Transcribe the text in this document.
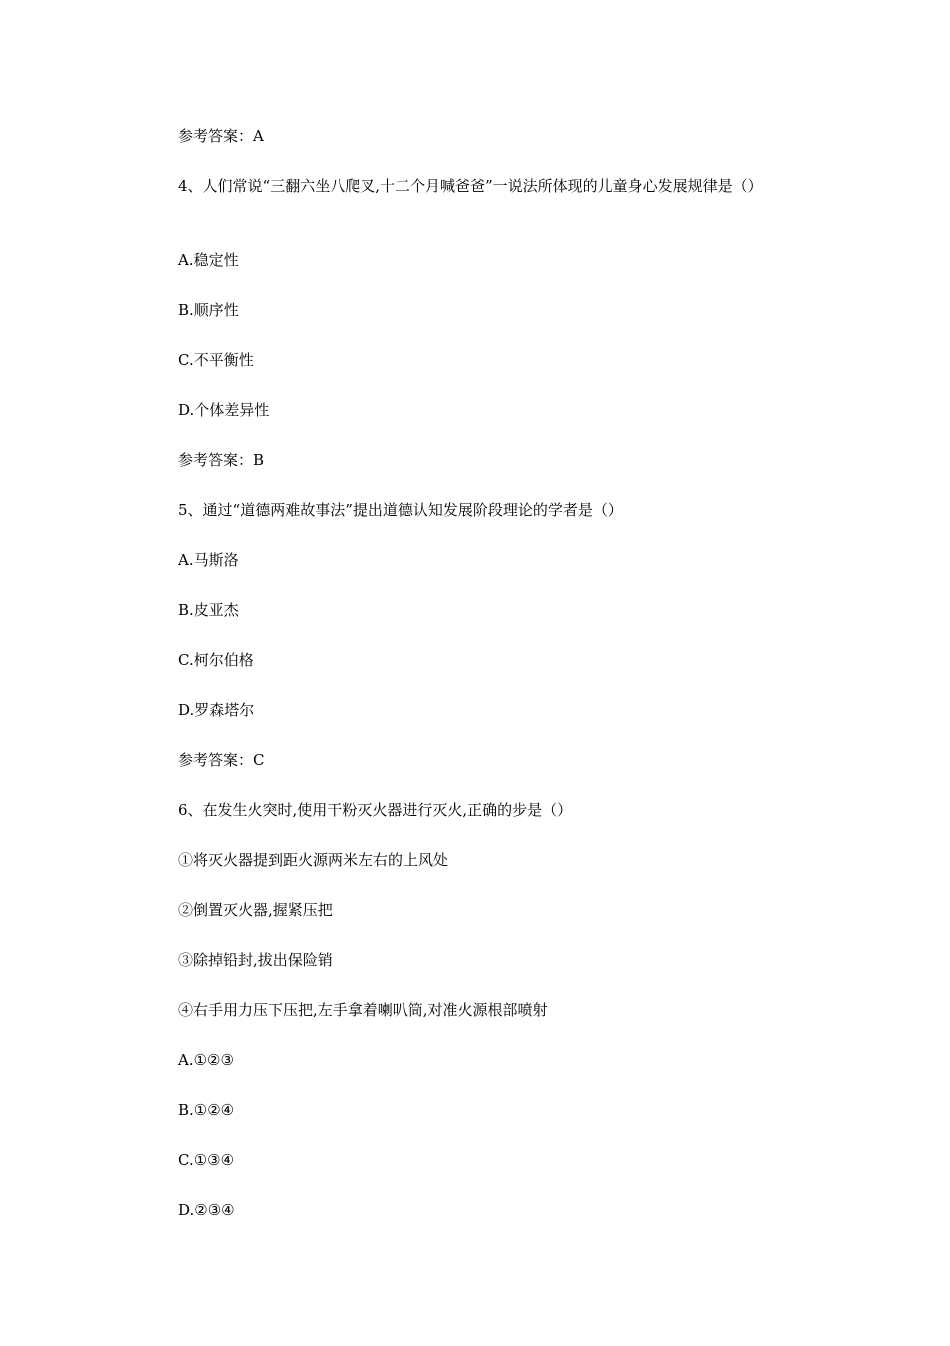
参考答案：A
4、人们常说“三翻六坐八爬叉,十二个月喊爸爸”一说法所体现的儿童身心发展规律是（）
A.稳定性
B.顺序性
C.不平衡性
D.个体差异性
参考答案：B
5、通过“道德两难故事法”提出道德认知发展阶段理论的学者是（）
A.马斯洛
B.皮亚杰
C.柯尔伯格
D.罗森塔尔
参考答案：C
6、在发生火突时,使用干粉灭火器进行灭火,正确的步是（）
①将灭火器提到距火源两米左右的上风处
②倒置灭火器,握紧压把
③除掉铅封,拔出保险销
④右手用力压下压把,左手拿着喇叭筒,对准火源根部喷射
A.①②③
B.①②④
C.①③④
D.②③④
